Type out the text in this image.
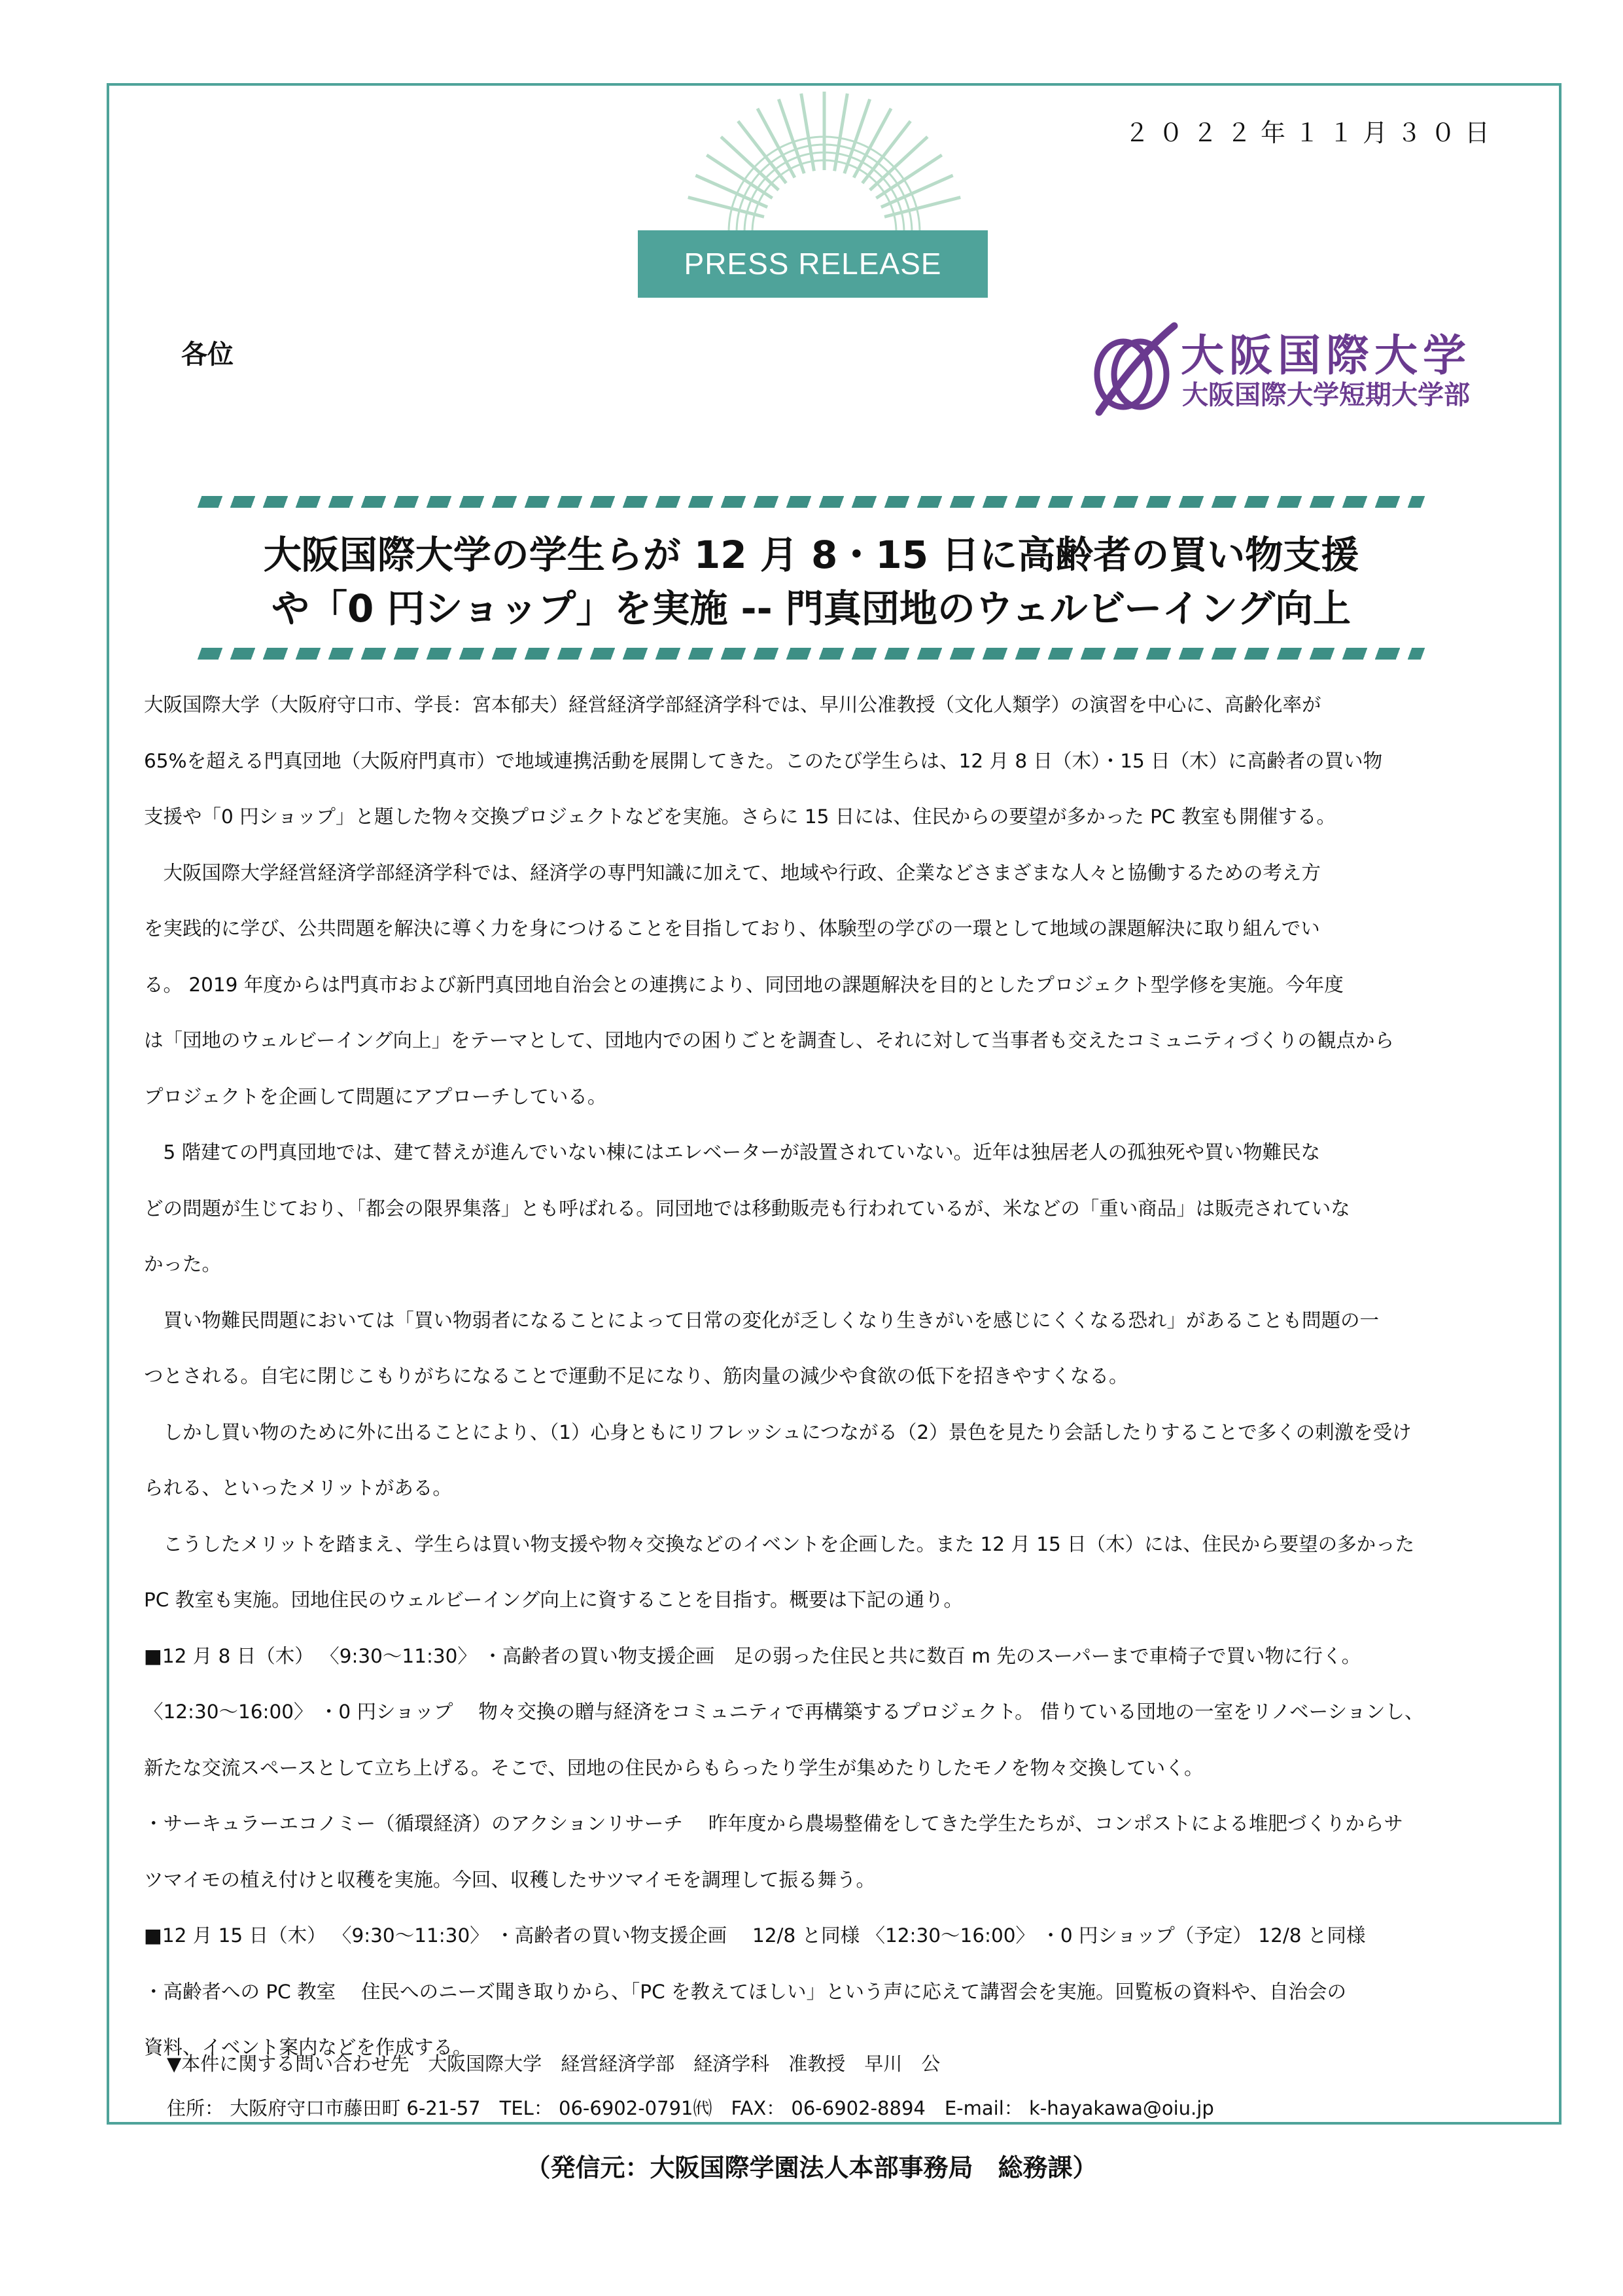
２０２２年１１月３０日
PRESS RELEASE
各位	大阪国際大学
大阪国際大学短期大学部
大阪国際大学の学生らが 12 月 8・15 日に高齢者の買い物支援
や「0 円ショップ」を実施 -- 門真団地のウェルビーイング向上
大阪国際大学（大阪府守口市、学長：宮本郁夫）経営経済学部経済学科では、早川公准教授（文化人類学）の演習を中心に、高齢化率が
65%を超える門真団地（大阪府門真市）で地域連携活動を展開してきた。このたび学生らは、12 月 8 日（木）・15 日（木）に高齢者の買い物
支援や「0 円ショップ」と題した物々交換プロジェクトなどを実施。さらに 15 日には、住民からの要望が多かった PC 教室も開催する。
　大阪国際大学経営経済学部経済学科では、経済学の専門知識に加えて、地域や行政、企業などさまざまな人々と協働するための考え方
を実践的に学び、公共問題を解決に導く力を身につけることを目指しており、体験型の学びの一環として地域の課題解決に取り組んでい
る。 2019 年度からは門真市および新門真団地自治会との連携により、同団地の課題解決を目的としたプロジェクト型学修を実施。今年度
は「団地のウェルビーイング向上」をテーマとして、団地内での困りごとを調査し、それに対して当事者も交えたコミュニティづくりの観点から
プロジェクトを企画して問題にアプローチしている。
　5 階建ての門真団地では、建て替えが進んでいない棟にはエレベーターが設置されていない。近年は独居老人の孤独死や買い物難民な
どの問題が生じており、「都会の限界集落」とも呼ばれる。同団地では移動販売も行われているが、米などの「重い商品」は販売されていな
かった。
　買い物難民問題においては「買い物弱者になることによって日常の変化が乏しくなり生きがいを感じにくくなる恐れ」があることも問題の一
つとされる。自宅に閉じこもりがちになることで運動不足になり、筋肉量の減少や食欲の低下を招きやすくなる。
　しかし買い物のために外に出ることにより、（1）心身ともにリフレッシュにつながる（2）景色を見たり会話したりすることで多くの刺激を受け
られる、といったメリットがある。
　こうしたメリットを踏まえ、学生らは買い物支援や物々交換などのイベントを企画した。また 12 月 15 日（木）には、住民から要望の多かった
PC 教室も実施。団地住民のウェルビーイング向上に資することを目指す。概要は下記の通り。
■12 月 8 日（木） 〈9:30～11:30〉 ・高齢者の買い物支援企画　足の弱った住民と共に数百 m 先のスーパーまで車椅子で買い物に行く。
〈12:30～16:00〉 ・0 円ショップ　 物々交換の贈与経済をコミュニティで再構築するプロジェクト。 借りている団地の一室をリノベーションし、
新たな交流スペースとして立ち上げる。そこで、団地の住民からもらったり学生が集めたりしたモノを物々交換していく。
・サーキュラーエコノミー（循環経済）のアクションリサーチ　 昨年度から農場整備をしてきた学生たちが、コンポストによる堆肥づくりからサ
ツマイモの植え付けと収穫を実施。今回、収穫したサツマイモを調理して振る舞う。
■12 月 15 日（木） 〈9:30～11:30〉 ・高齢者の買い物支援企画　 12/8 と同様 〈12:30～16:00〉 ・0 円ショップ（予定） 12/8 と同様
・高齢者への PC 教室　 住民へのニーズ聞き取りから、「PC を教えてほしい」という声に応えて講習会を実施。回覧板の資料や、自治会の
資料、イベント案内などを作成する。
▼本件に関する問い合わせ先　大阪国際大学　経営経済学部　経済学科　准教授　早川　公
住所： 大阪府守口市藤田町 6-21-57　TEL： 06-6902-0791㈹　FAX： 06-6902-8894　E-mail： k-hayakawa@oiu.jp
（発信元：大阪国際学園法人本部事務局　総務課）
